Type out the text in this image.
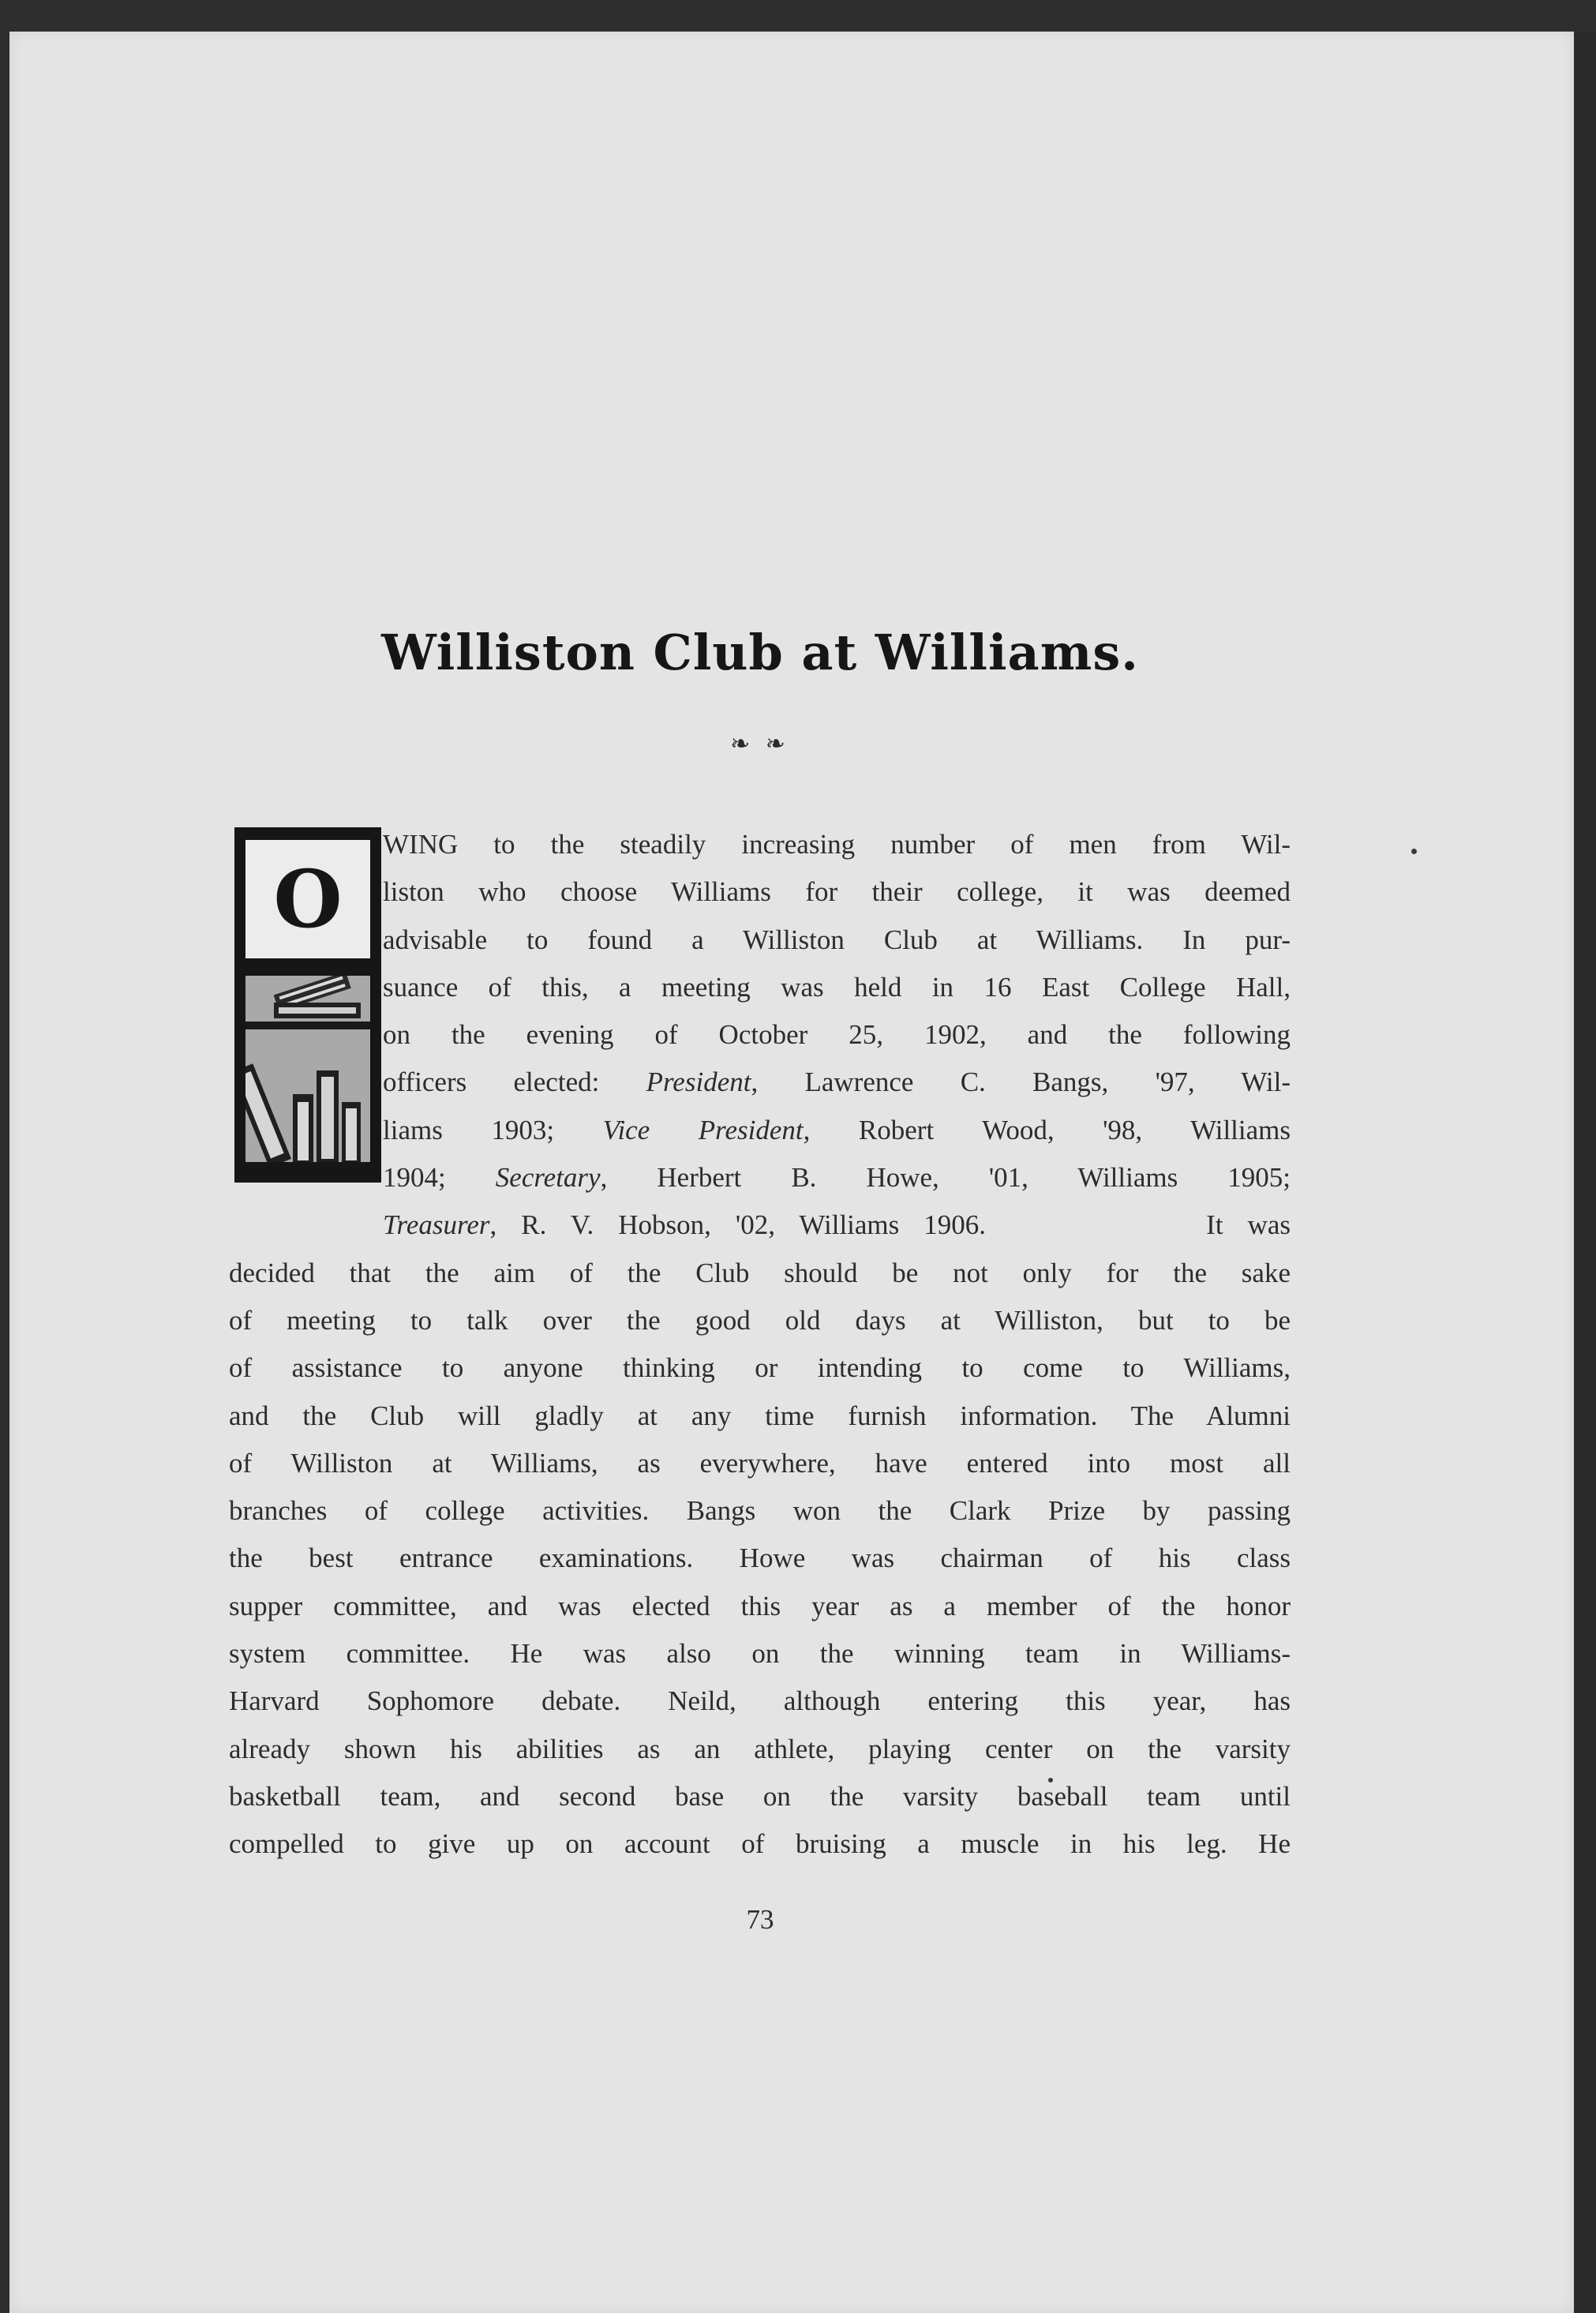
Williston Club at Williams.
❧ ❧
O
WING to the steadily increasing number of men from Wil-
liston who choose Williams for their college, it was deemed
advisable to found a Williston Club at Williams. In pur-
suance of this, a meeting was held in 16 East College Hall,
on the evening of October 25, 1902, and the following
officers elected: President, Lawrence C. Bangs, '97, Wil-
liams 1903; Vice President, Robert Wood, '98, Williams
1904; Secretary, Herbert B. Howe, '01, Williams 1905;
Treasurer, R. V. Hobson, '02, Williams 1906.	It was
decided that the aim of the Club should be not only for the sake
of meeting to talk over the good old days at Williston, but to be
of assistance to anyone thinking or intending to come to Williams,
and the Club will gladly at any time furnish information. The Alumni
of Williston at Williams, as everywhere, have entered into most all
branches of college activities. Bangs won the Clark Prize by passing
the best entrance examinations. Howe was chairman of his class
supper committee, and was elected this year as a member of the honor
system committee. He was also on the winning team in Williams-
Harvard Sophomore debate. Neild, although entering this year, has
already shown his abilities as an athlete, playing center on the varsity
basketball team, and second base on the varsity baseball team until
compelled to give up on account of bruising a muscle in his leg. He
73
